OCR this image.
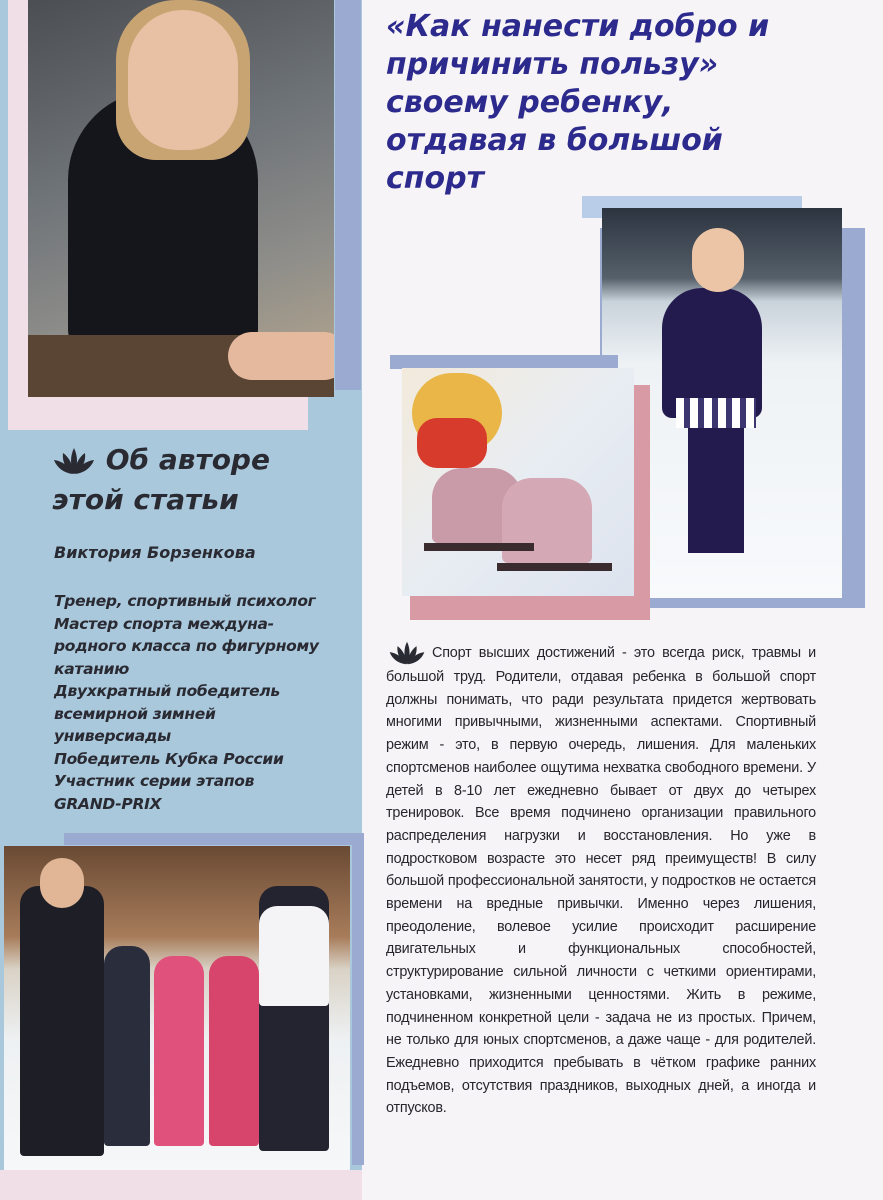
«Как нанести добро и
причинить пользу»
своему ребенку,
отдавая в большой
спорт
Об авторе
этой статьи
Виктория Борзенкова
Тренер, спортивный психолог
Мастер спорта междуна-
родного класса по фигурному
катанию
Двухкратный победитель
всемирной зимней
универсиады
Победитель Кубка России
Участник серии этапов
GRAND-PRIX

Спорт высших достижений - это всегда риск, травмы и большой труд. Родители, отдавая ребенка в большой спорт должны понимать, что ради результата придется жертвовать многими привычными, жизненными аспектами. Спортивный режим - это, в первую очередь, лишения. Для маленьких спортсменов наиболее ощутима нехватка свободного времени. У детей в 8-10 лет ежедневно бывает от двух до четырех тренировок. Все время подчинено организации правильного распределения нагрузки и восстановления. Но уже в подростковом возрасте это несет ряд преимуществ! В силу большой профессиональной занятости, у подростков не остается времени на вредные привычки. Именно через лишения, преодоление, волевое усилие происходит расширение двигательных и функциональных способностей, структурирование сильной личности с четкими ориентирами, установками, жизненными ценностями. Жить в режиме, подчиненном конкретной цели - задача не из простых. Причем, не только для юных спортсменов, а даже чаще - для родителей. Ежедневно приходится пребывать в чётком графике ранних подъемов, отсутствия праздников, выходных дней, а иногда и отпусков.
